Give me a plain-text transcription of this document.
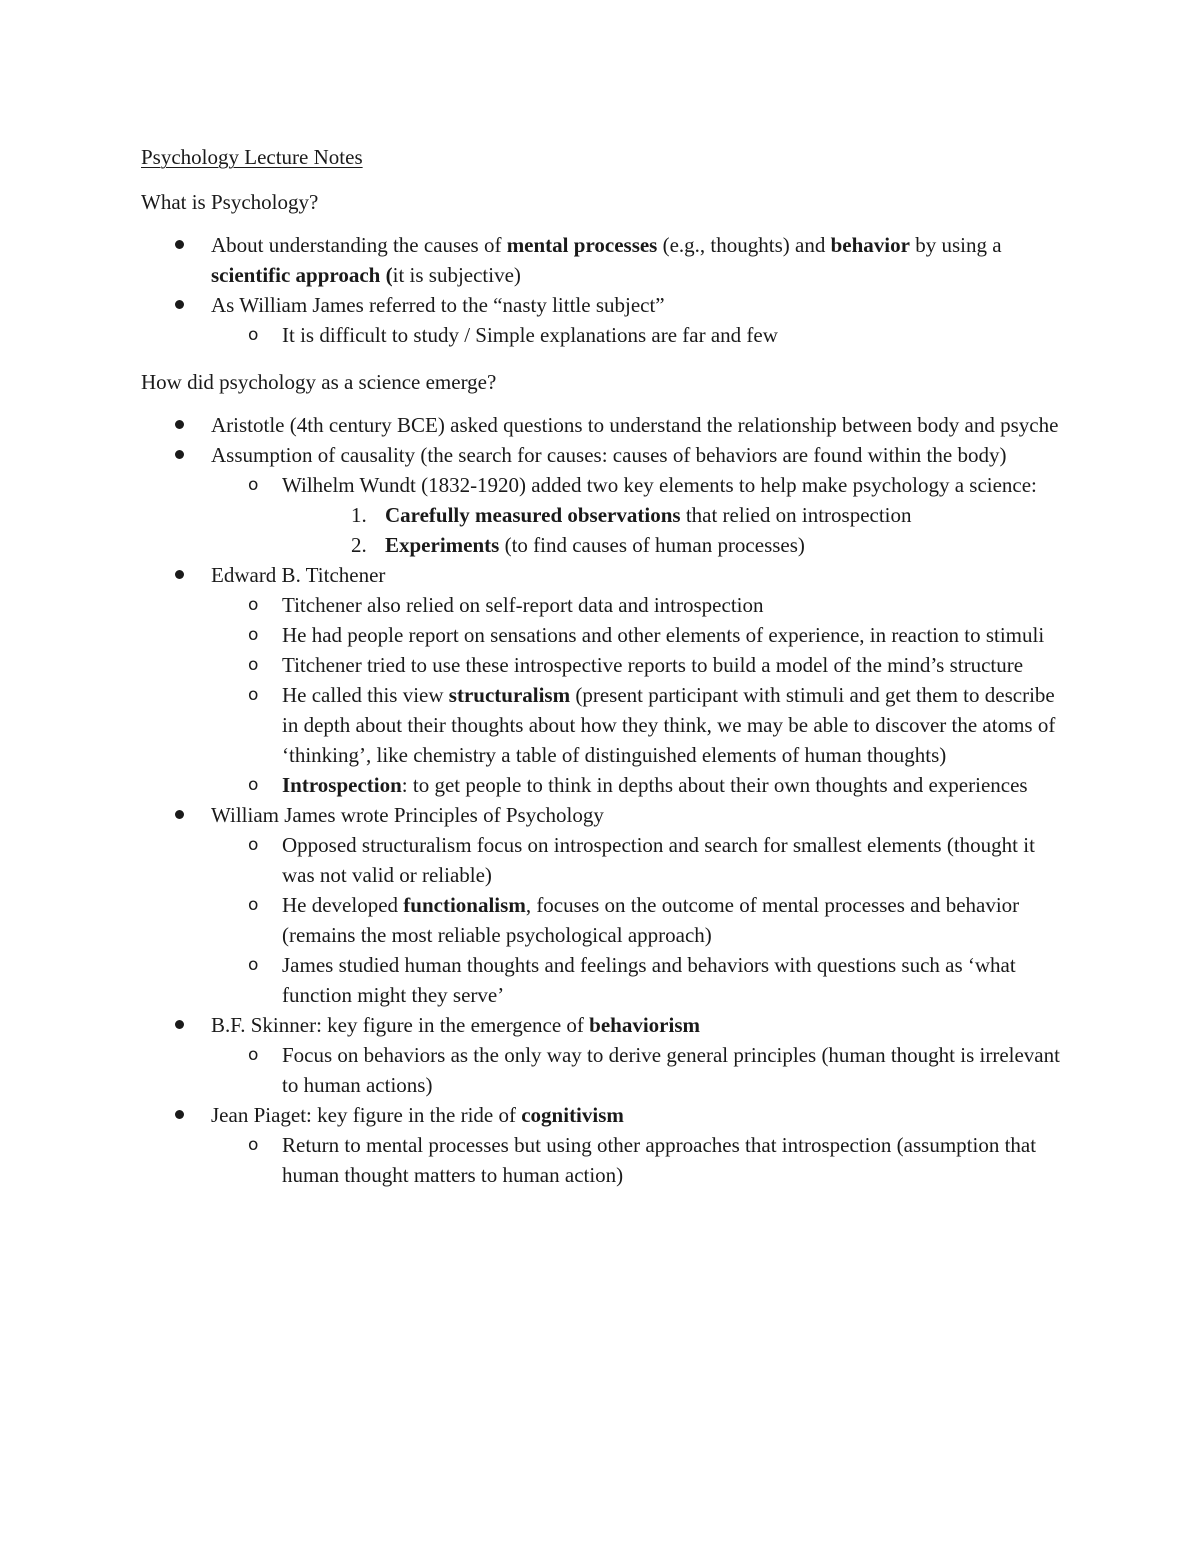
Psychology Lecture Notes
What is Psychology?
About understanding the causes of mental processes (e.g., thoughts) and behavior by using a scientific approach (it is subjective)
As William James referred to the “nasty little subject”
o It is difficult to study / Simple explanations are far and few
How did psychology as a science emerge?
Aristotle (4th century BCE) asked questions to understand the relationship between body and psyche
Assumption of causality (the search for causes: causes of behaviors are found within the body)
o Wilhelm Wundt (1832-1920) added two key elements to help make psychology a science:
1. Carefully measured observations that relied on introspection
2. Experiments (to find causes of human processes)
Edward B. Titchener
o Titchener also relied on self-report data and introspection
o He had people report on sensations and other elements of experience, in reaction to stimuli
o Titchener tried to use these introspective reports to build a model of the mind’s structure
o He called this view structuralism (present participant with stimuli and get them to describe in depth about their thoughts about how they think, we may be able to discover the atoms of ‘thinking’, like chemistry a table of distinguished elements of human thoughts)
o Introspection: to get people to think in depths about their own thoughts and experiences
William James wrote Principles of Psychology
o Opposed structuralism focus on introspection and search for smallest elements (thought it was not valid or reliable)
o He developed functionalism, focuses on the outcome of mental processes and behavior (remains the most reliable psychological approach)
o James studied human thoughts and feelings and behaviors with questions such as ‘what function might they serve’
B.F. Skinner: key figure in the emergence of behaviorism
o Focus on behaviors as the only way to derive general principles (human thought is irrelevant to human actions)
Jean Piaget: key figure in the ride of cognitivism
o Return to mental processes but using other approaches that introspection (assumption that human thought matters to human action)
